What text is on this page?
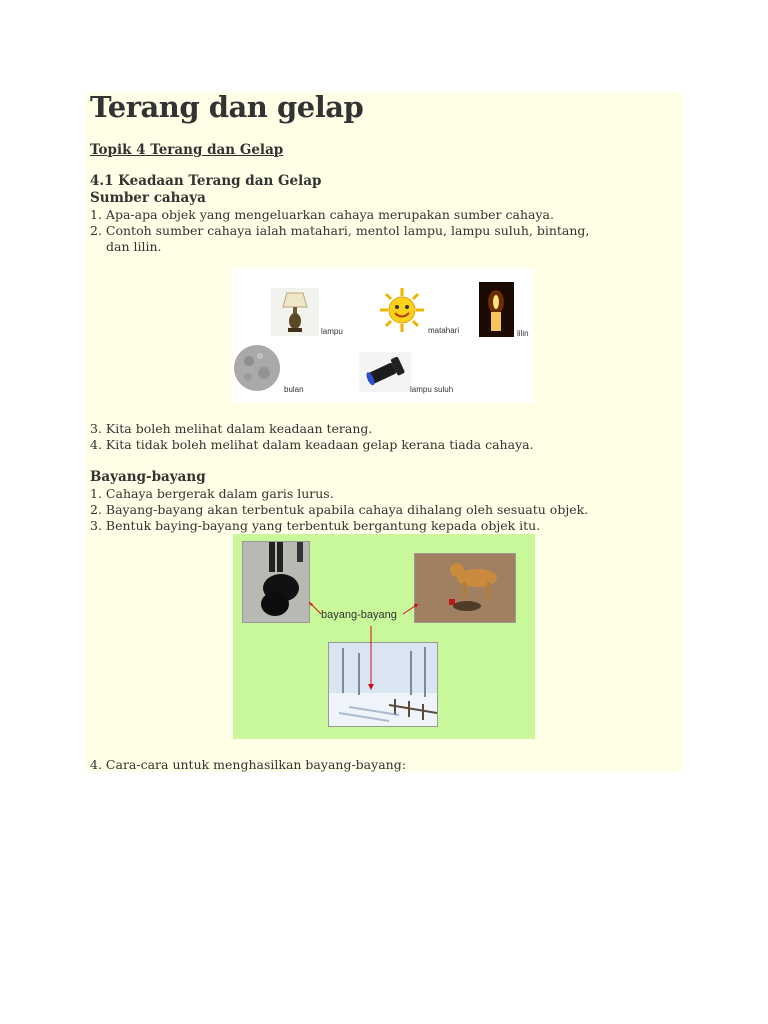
Terang dan gelap
Topik 4 Terang dan Gelap
4.1 Keadaan Terang dan Gelap
Sumber cahaya
1. Apa-apa objek yang mengeluarkan cahaya merupakan sumber cahaya.
2. Contoh sumber cahaya ialah matahari, mentol lampu, lampu suluh, bintang,
dan lilin.
lampu	matahari	lilin
bulan	lampu suluh
3. Kita boleh melihat dalam keadaan terang.
4. Kita tidak boleh melihat dalam keadaan gelap kerana tiada cahaya.
Bayang-bayang
1. Cahaya bergerak dalam garis lurus.
2. Bayang-bayang akan terbentuk apabila cahaya dihalang oleh sesuatu objek.
3. Bentuk baying-bayang yang terbentuk bergantung kepada objek itu.
bayang-bayang
4. Cara-cara untuk menghasilkan bayang-bayang:
